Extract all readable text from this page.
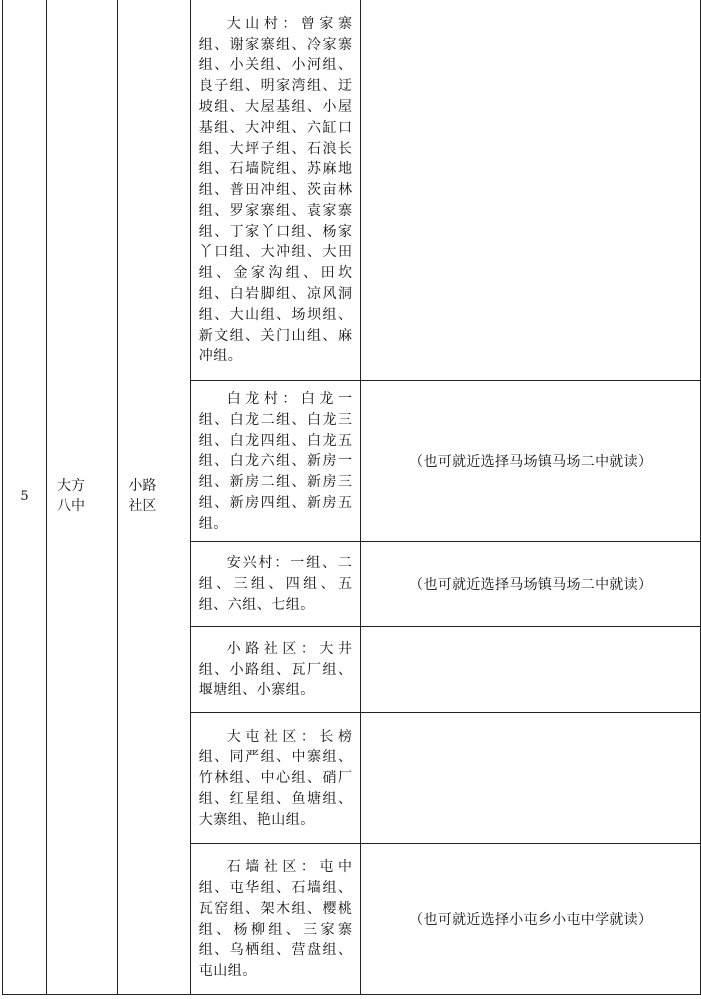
5	大方八中	小路社区	大山村：曾家寨组、谢家寨组、冷家寨组、小关组、小河组、良子组、明家湾组、迂坡组、大屋基组、小屋基组、大冲组、六缸口组、大坪子组、石浪长组、石墙院组、苏麻地组、普田冲组、茨亩林组、罗家寨组、袁家寨组、丁家丫口组、杨家丫口组、大冲组、大田组、金家沟组、田坎组、白岩脚组、凉风洞组、大山组、场坝组、新文组、关门山组、麻冲组。	
			白龙村：白龙一组、白龙二组、白龙三组、白龙四组、白龙五组、白龙六组、新房一组、新房二组、新房三组、新房四组、新房五组。	（也可就近选择马场镇马场二中就读）
			安兴村：一组、二组、三组、四组、五组、六组、七组。	（也可就近选择马场镇马场二中就读）
			小路社区：大井组、小路组、瓦厂组、堰塘组、小寨组。	
			大屯社区：长榜组、同严组、中寨组、竹林组、中心组、硝厂组、红星组、鱼塘组、大寨组、艳山组。	
			石墙社区：屯中组、屯华组、石墙组、瓦窑组、架木组、樱桃组、杨柳组、三家寨组、乌栖组、营盘组、屯山组。	（也可就近选择小屯乡小屯中学就读）
